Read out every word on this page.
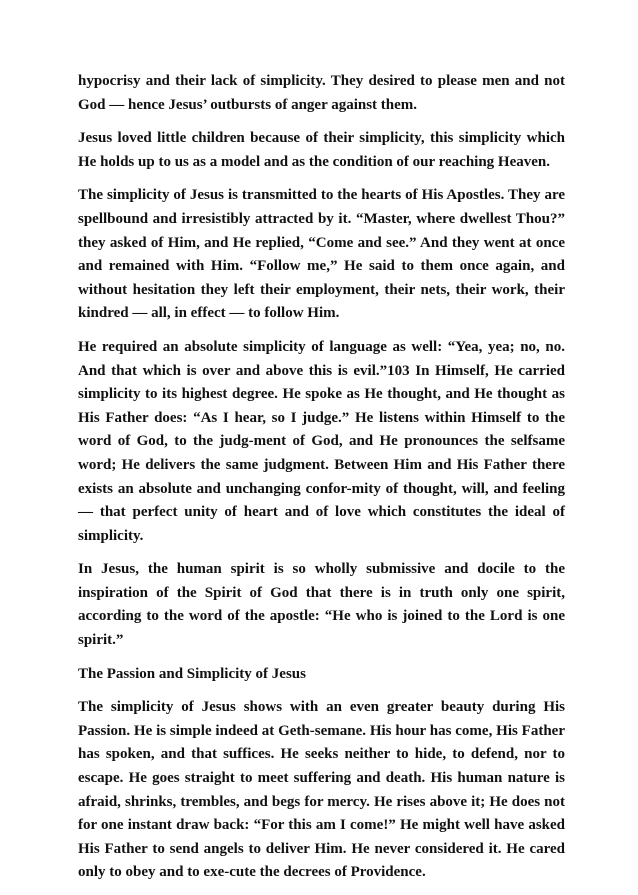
hypocrisy and their lack of simplicity. They desired to please men and not God — hence Jesus’ outbursts of anger against them.

Jesus loved little children because of their simplicity, this simplicity which He holds up to us as a model and as the condition of our reaching Heaven.

The simplicity of Jesus is transmitted to the hearts of His Apostles. They are spellbound and irresistibly attracted by it. “Master, where dwellest Thou?” they asked of Him, and He replied, “Come and see.” And they went at once and remained with Him. “Follow me,” He said to them once again, and without hesitation they left their employment, their nets, their work, their kindred — all, in effect — to follow Him.

He required an absolute simplicity of language as well: “Yea, yea; no, no. And that which is over and above this is evil.”103 In Himself, He carried simplicity to its highest degree. He spoke as He thought, and He thought as His Father does: “As I hear, so I judge.” He listens within Himself to the word of God, to the judg-ment of God, and He pronounces the selfsame word; He delivers the same judgment. Between Him and His Father there exists an absolute and unchanging confor-mity of thought, will, and feeling — that perfect unity of heart and of love which constitutes the ideal of simplicity.

In Jesus, the human spirit is so wholly submissive and docile to the inspiration of the Spirit of God that there is in truth only one spirit, according to the word of the apostle: “He who is joined to the Lord is one spirit.”

The Passion and Simplicity of Jesus

The simplicity of Jesus shows with an even greater beauty during His Passion. He is simple indeed at Geth-semane. His hour has come, His Father has spoken, and that suffices. He seeks neither to hide, to defend, nor to escape. He goes straight to meet suffering and death. His human nature is afraid, shrinks, trembles, and begs for mercy. He rises above it; He does not for one instant draw back: “For this am I come!” He might well have asked His Father to send angels to deliver Him. He never considered it. He cared only to obey and to exe-cute the decrees of Providence.
